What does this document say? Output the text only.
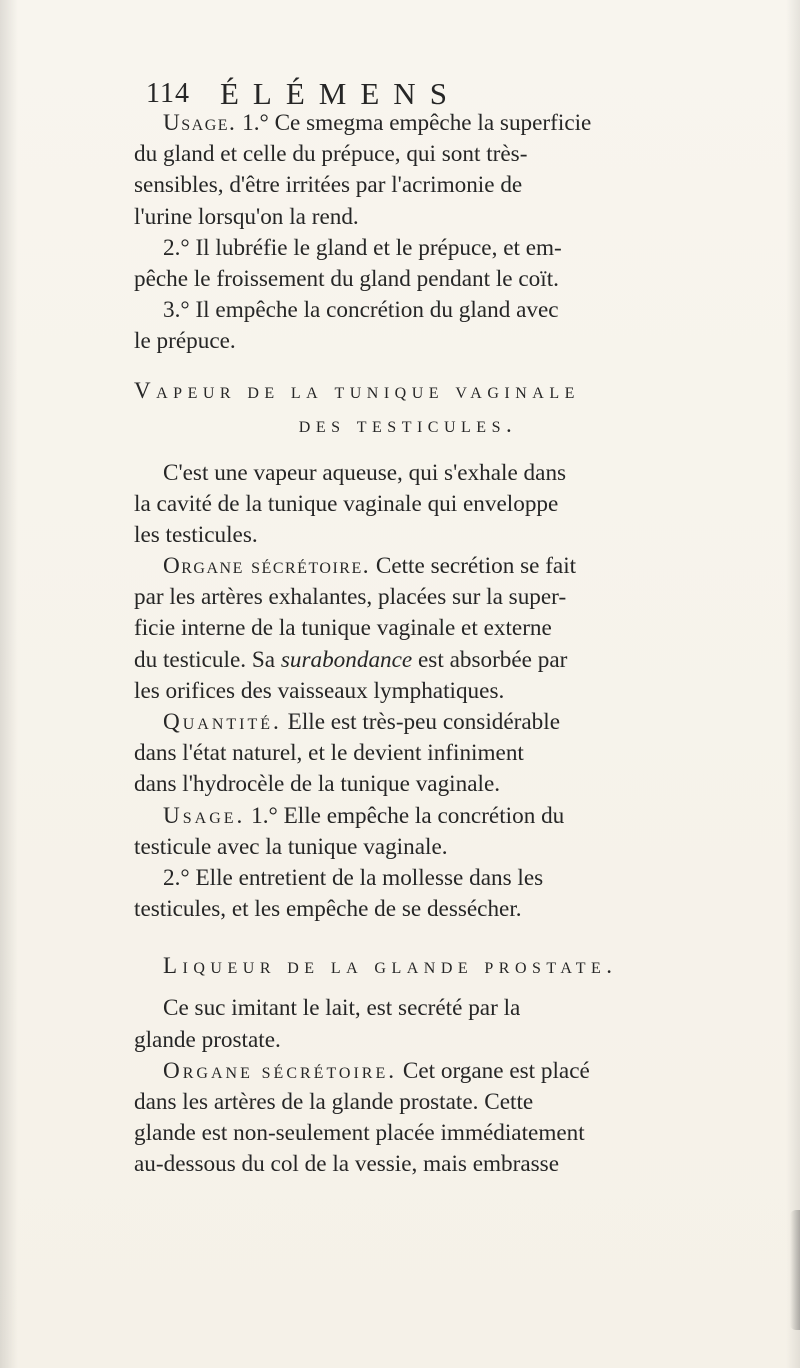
114 ÉLÉMENS
Usage. 1.° Ce smegma empêche la superficie
du gland et celle du prépuce, qui sont très-
sensibles, d'être irritées par l'acrimonie de
l'urine lorsqu'on la rend.
2.° Il lubréfie le gland et le prépuce, et em-
pêche le froissement du gland pendant le coït.
3.° Il empêche la concrétion du gland avec
le prépuce.
Vapeur de la tunique vaginale
des testicules.
C'est une vapeur aqueuse, qui s'exhale dans
la cavité de la tunique vaginale qui enveloppe
les testicules.
Organe sécrétoire. Cette secrétion se fait
par les artères exhalantes, placées sur la super-
ficie interne de la tunique vaginale et externe
du testicule. Sa surabondance est absorbée par
les orifices des vaisseaux lymphatiques.
Quantité. Elle est très-peu considérable
dans l'état naturel, et le devient infiniment
dans l'hydrocèle de la tunique vaginale.
Usage. 1.° Elle empêche la concrétion du
testicule avec la tunique vaginale.
2.° Elle entretient de la mollesse dans les
testicules, et les empêche de se dessécher.
Liqueur de la glande prostate.
Ce suc imitant le lait, est secrété par la
glande prostate.
Organe sécrétoire. Cet organe est placé
dans les artères de la glande prostate. Cette
glande est non-seulement placée immédiatement
au-dessous du col de la vessie, mais embrasse
